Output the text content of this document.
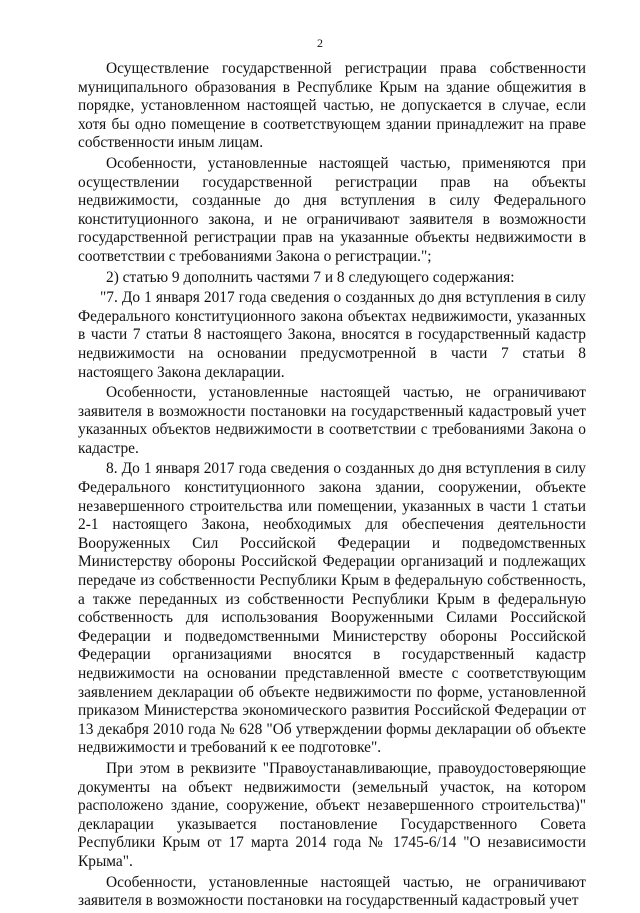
2

Осуществление государственной регистрации права собственности муниципального образования в Республике Крым на здание общежития в порядке, установленном настоящей частью, не допускается в случае, если хотя бы одно помещение в соответствующем здании принадлежит на праве собственности иным лицам.

Особенности, установленные настоящей частью, применяются при осуществлении государственной регистрации прав на объекты недвижимости, созданные до дня вступления в силу Федерального конституционного закона, и не ограничивают заявителя в возможности государственной регистрации прав на указанные объекты недвижимости в соответствии с требованиями Закона о регистрации.";

2) статью 9 дополнить частями 7 и 8 следующего содержания:

"7. До 1 января 2017 года сведения о созданных до дня вступления в силу Федерального конституционного закона объектах недвижимости, указанных в части 7 статьи 8 настоящего Закона, вносятся в государственный кадастр недвижимости на основании предусмотренной в части 7 статьи 8 настоящего Закона декларации.

Особенности, установленные настоящей частью, не ограничивают заявителя в возможности постановки на государственный кадастровый учет указанных объектов недвижимости в соответствии с требованиями Закона о кадастре.

8. До 1 января 2017 года сведения о созданных до дня вступления в силу Федерального конституционного закона здании, сооружении, объекте незавершенного строительства или помещении, указанных в части 1 статьи 2-1 настоящего Закона, необходимых для обеспечения деятельности Вооруженных Сил Российской Федерации и подведомственных Министерству обороны Российской Федерации организаций и подлежащих передаче из собственности Республики Крым в федеральную собственность, а также переданных из собственности Республики Крым в федеральную собственность для использования Вооруженными Силами Российской Федерации и подведомственными Министерству обороны Российской Федерации организациями вносятся в государственный кадастр недвижимости на основании представленной вместе с соответствующим заявлением декларации об объекте недвижимости по форме, установленной приказом Министерства экономического развития Российской Федерации от 13 декабря 2010 года № 628 "Об утверждении формы декларации об объекте недвижимости и требований к ее подготовке".

При этом в реквизите "Правоустанавливающие, правоудостоверяющие документы на объект недвижимости (земельный участок, на котором расположено здание, сооружение, объект незавершенного строительства)" декларации указывается постановление Государственного Совета Республики Крым от 17 марта 2014 года № 1745-6/14 "О независимости Крыма".

Особенности, установленные настоящей частью, не ограничивают заявителя в возможности постановки на государственный кадастровый учет
